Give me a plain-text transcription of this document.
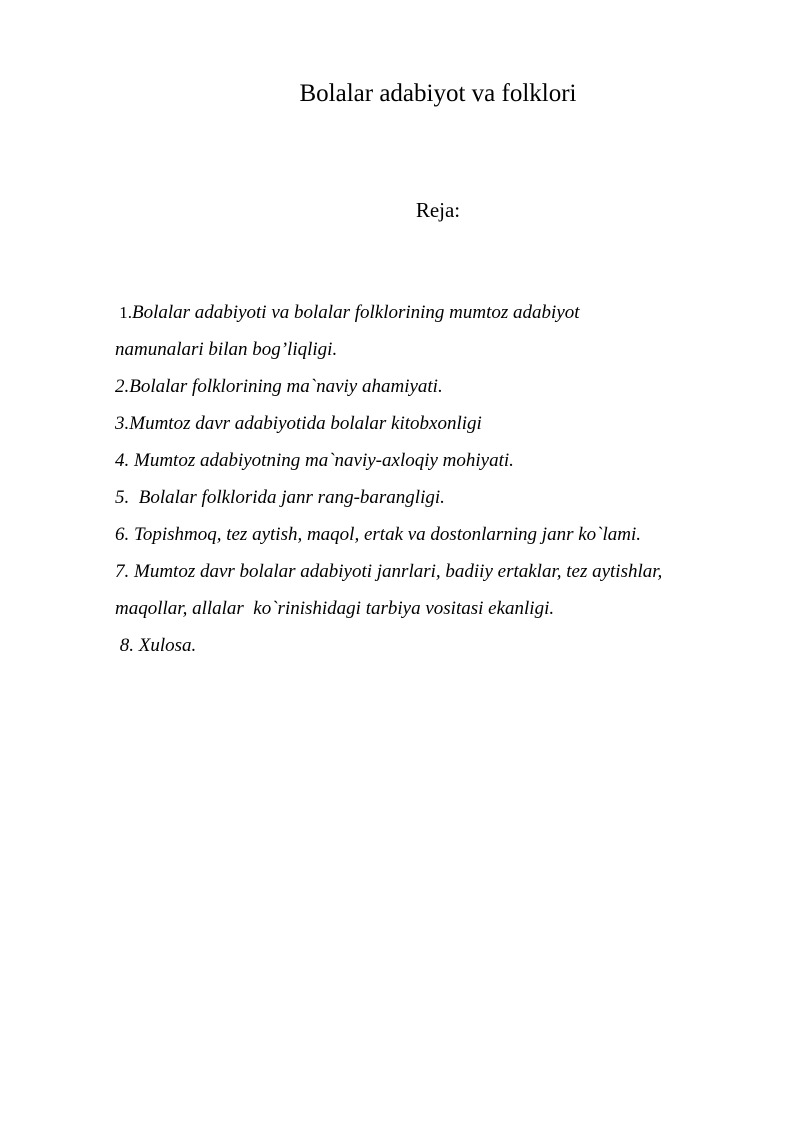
Bolalar adabiyot va folklori
Reja:
1.Bolalar adabiyoti va bolalar folklorining mumtoz adabiyot
namunalari bilan bog’liqligi.
2.Bolalar folklorining ma`naviy ahamiyati.
3.Mumtoz davr adabiyotida bolalar kitobxonligi
4. Mumtoz adabiyotning ma`naviy-axloqiy mohiyati.
5.  Bolalar folklorida janr rang-barangligi.
6. Topishmoq, tez aytish, maqol, ertak va dostonlarning janr ko`lami.
7. Mumtoz davr bolalar adabiyoti janrlari, badiiy ertaklar, tez aytishlar,
maqollar, allalar  ko`rinishidagi tarbiya vositasi ekanligi.
8. Xulosa.
